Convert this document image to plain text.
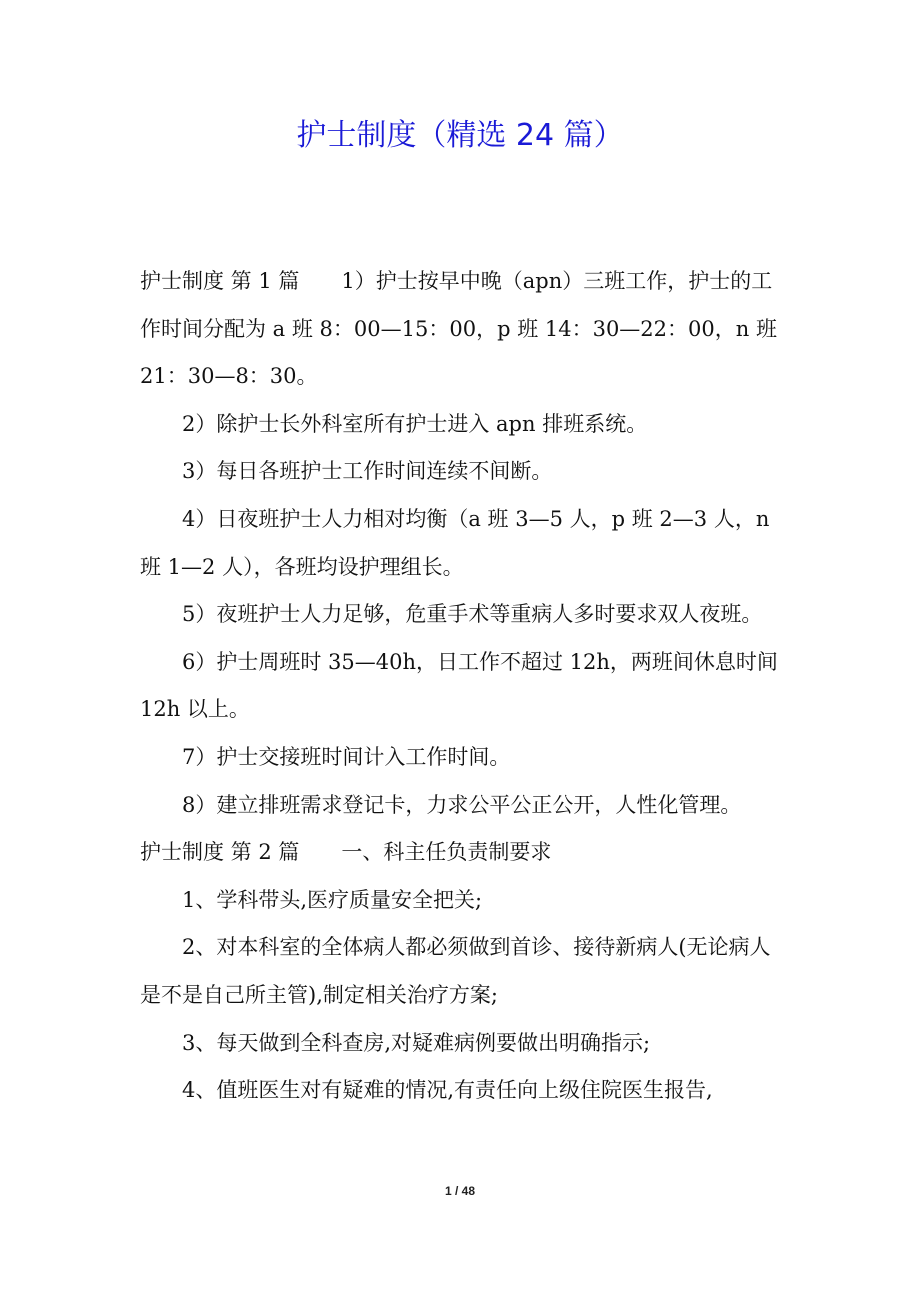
护士制度（精选 24 篇）

护士制度 第 1 篇　　1）护士按早中晚（apn）三班工作，护士的工作时间分配为 a 班 8：00—15：00，p 班 14：30—22：00，n 班 21：30—8：30。

2）除护士长外科室所有护士进入 apn 排班系统。

3）每日各班护士工作时间连续不间断。

4）日夜班护士人力相对均衡（a 班 3—5 人，p 班 2—3 人，n 班 1—2 人），各班均设护理组长。

5）夜班护士人力足够，危重手术等重病人多时要求双人夜班。

6）护士周班时 35—40h，日工作不超过 12h，两班间休息时间 12h 以上。

7）护士交接班时间计入工作时间。

8）建立排班需求登记卡，力求公平公正公开，人性化管理。

护士制度 第 2 篇　　一、科主任负责制要求

1、学科带头,医疗质量安全把关;

2、对本科室的全体病人都必须做到首诊、接待新病人(无论病人是不是自己所主管),制定相关治疗方案;

3、每天做到全科查房,对疑难病例要做出明确指示;

4、值班医生对有疑难的情况,有责任向上级住院医生报告,

1 / 48
